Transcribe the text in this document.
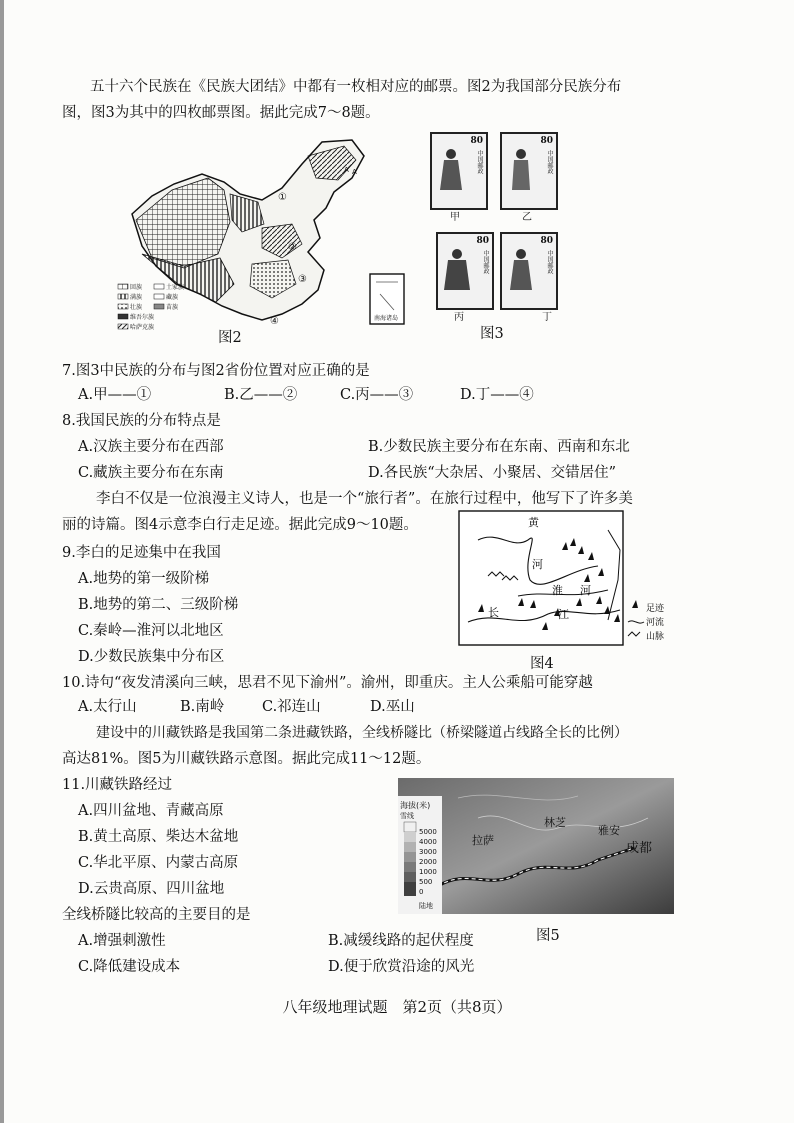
五十六个民族在《民族大团结》中都有一枚相对应的邮票。图2为我国部分民族分布
图，图3为其中的四枚邮票图。据此完成7～8题。
A A
①
②
③
④	南海诸岛
回族
满族
壮族
维吾尔族
哈萨克族
土家族
藏族
苗族
图2
80
中国邮政
80
中国邮政
80
中国邮政
80
中国邮政
甲	乙
丙	丁
图3
7.图3中民族的分布与图2省份位置对应正确的是
A.甲——①	B.乙——②	C.丙——③	D.丁——④
8.我国民族的分布特点是
A.汉族主要分布在西部	B.少数民族主要分布在东南、西南和东北
C.藏族主要分布在东南	D.各民族“大杂居、小聚居、交错居住”
李白不仅是一位浪漫主义诗人，也是一个“旅行者”。在旅行过程中，他写下了许多美
丽的诗篇。图4示意李白行走足迹。据此完成9～10题。	黄
河
淮 河
长	江	足迹
河流
山脉
图4
9.李白的足迹集中在我国
A.地势的第一级阶梯
B.地势的第二、三级阶梯
C.秦岭—淮河以北地区
D.少数民族集中分布区
10.诗句“夜发清溪向三峡，思君不见下渝州”。渝州，即重庆。主人公乘船可能穿越
A.太行山	B.南岭	C.祁连山	D.巫山
建设中的川藏铁路是我国第二条进藏铁路，全线桥隧比（桥梁隧道占线路全长的比例）
高达81%。图5为川藏铁路示意图。据此完成11～12题。
海拔(米)
雪线
5000
4000
3000
2000
1000
500
0
陆地
拉萨
林芝
雅安
成都
图5
11.川藏铁路经过
A.四川盆地、青藏高原
B.黄土高原、柴达木盆地
C.华北平原、内蒙古高原
D.云贵高原、四川盆地
全线桥隧比较高的主要目的是
A.增强刺激性	B.减缓线路的起伏程度
C.降低建设成本	D.便于欣赏沿途的风光
八年级地理试题　第2页（共8页）
